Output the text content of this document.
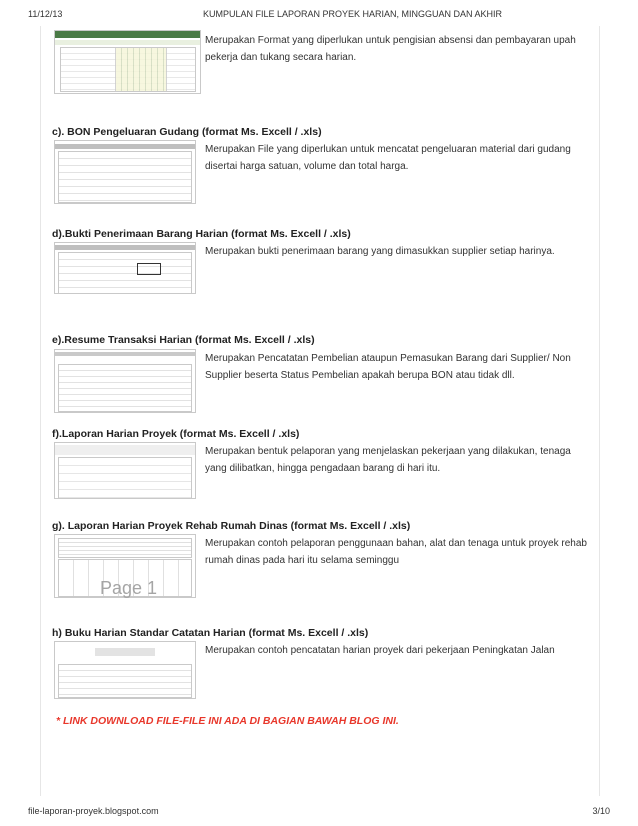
11/12/13	KUMPULAN FILE LAPORAN PROYEK HARIAN, MINGGUAN DAN AKHIR
Merupakan Format yang diperlukan untuk pengisian absensi dan pembayaran upah pekerja dan tukang secara harian.
c). BON Pengeluaran Gudang (format Ms. Excell / .xls)
Merupakan File yang diperlukan untuk mencatat pengeluaran material dari gudang disertai harga satuan, volume dan total harga.
d).Bukti Penerimaan Barang Harian (format Ms. Excell / .xls)
Merupakan bukti penerimaan barang yang dimasukkan supplier setiap harinya.
e).Resume Transaksi Harian (format Ms. Excell / .xls)
Merupakan Pencatatan Pembelian ataupun Pemasukan Barang dari Supplier/ Non Supplier beserta Status Pembelian apakah berupa BON atau tidak dll.
f).Laporan Harian Proyek (format Ms. Excell / .xls)
Merupakan bentuk pelaporan yang menjelaskan pekerjaan yang dilakukan, tenaga yang dilibatkan, hingga pengadaan barang di hari itu.
g). Laporan Harian Proyek Rehab Rumah Dinas (format Ms. Excell / .xls)
Page 1
Merupakan contoh pelaporan penggunaan bahan, alat dan tenaga untuk proyek rehab rumah dinas pada hari itu selama seminggu
h) Buku Harian Standar Catatan Harian (format Ms. Excell / .xls)
Merupakan contoh pencatatan harian proyek dari pekerjaan Peningkatan Jalan
* LINK DOWNLOAD FILE-FILE INI ADA DI BAGIAN BAWAH BLOG INI.
file-laporan-proyek.blogspot.com	3/10
